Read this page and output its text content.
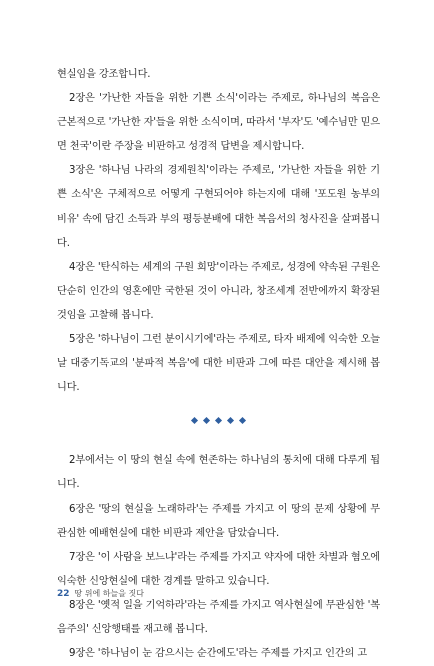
현실임을 강조합니다.

2장은 '가난한 자들을 위한 기쁜 소식'이라는 주제로, 하나님의 복음은 근본적으로 '가난한 자'들을 위한 소식이며, 따라서 '부자'도 '예수님만 믿으면 천국'이란 주장을 비판하고 성경적 답변을 제시합니다.

3장은 '하나님 나라의 경제원칙'이라는 주제로, '가난한 자들을 위한 기쁜 소식'은 구체적으로 어떻게 구현되어야 하는지에 대해 '포도원 농부의 비유' 속에 담긴 소득과 부의 평등분배에 대한 복음서의 청사진을 살펴봅니다.

4장은 '탄식하는 세계의 구원 희망'이라는 주제로, 성경에 약속된 구원은 단순히 인간의 영혼에만 국한된 것이 아니라, 창조세계 전반에까지 확장된 것임을 고찰해 봅니다.

5장은 '하나님이 그런 분이시기에'라는 주제로, 타자 배제에 익숙한 오늘날 대중기독교의 '분파적 복음'에 대한 비판과 그에 따른 대안을 제시해 봅니다.

2부에서는 이 땅의 현실 속에 현존하는 하나님의 통치에 대해 다루게 됩니다.

6장은 '땅의 현실을 노래하라'는 주제를 가지고 이 땅의 문제 상황에 무관심한 예배현실에 대한 비판과 제안을 담았습니다.

7장은 '이 사람을 보느냐'라는 주제를 가지고 약자에 대한 차별과 혐오에 익숙한 신앙현실에 대한 경계를 말하고 있습니다.

8장은 '옛적 일을 기억하라'라는 주제를 가지고 역사현실에 무관심한 '복음주의' 신앙행태를 재고해 봅니다.

9장은 '하나님이 눈 감으시는 순간에도'라는 주제를 가지고 인간의 고

22 땅 위에 하늘을 짓다
